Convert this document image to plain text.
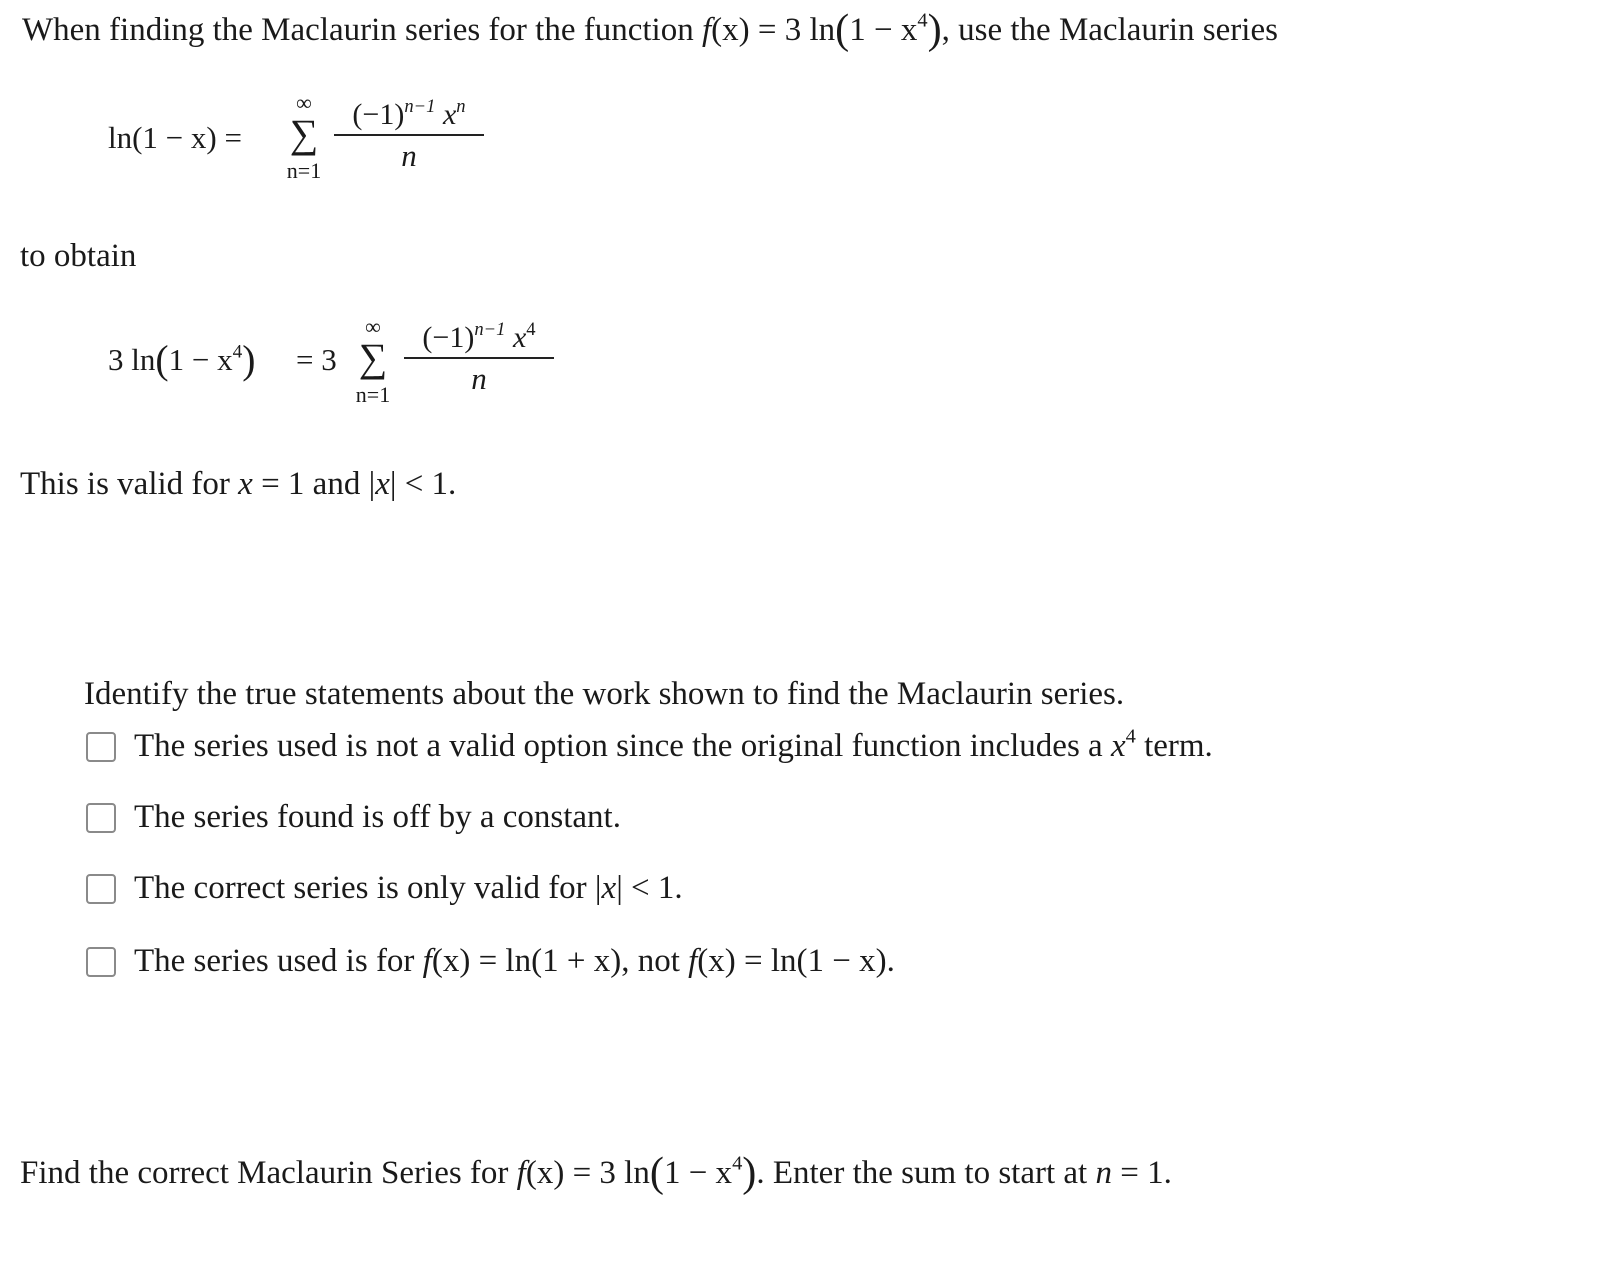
When finding the Maclaurin series for the function f(x) = 3 $\ln(1 - x^4)$, use the Maclaurin series
ln(1 − x) =
∞
∑
n=1
$(-1)^{n-1}$ $x^n$
n
to obtain
3 $\ln(1 - x^4) = 3$
∞
∑
n=1
$(-1)^{n-1}$ $x^4$
n
This is valid for x = 1 and |x| < 1.
Identify the true statements about the work shown to find the Maclaurin series.
The series used is not a valid option since the original function includes a $x^4$ term.
The series found is off by a constant.
The correct series is only valid for |x| < 1.
The series used is for f(x) = ln(1 + x), not f(x) = ln(1 − x).
Find the correct Maclaurin Series for f(x) = 3 $\ln(1 - x^4)$. Enter the sum to start at n = 1.
